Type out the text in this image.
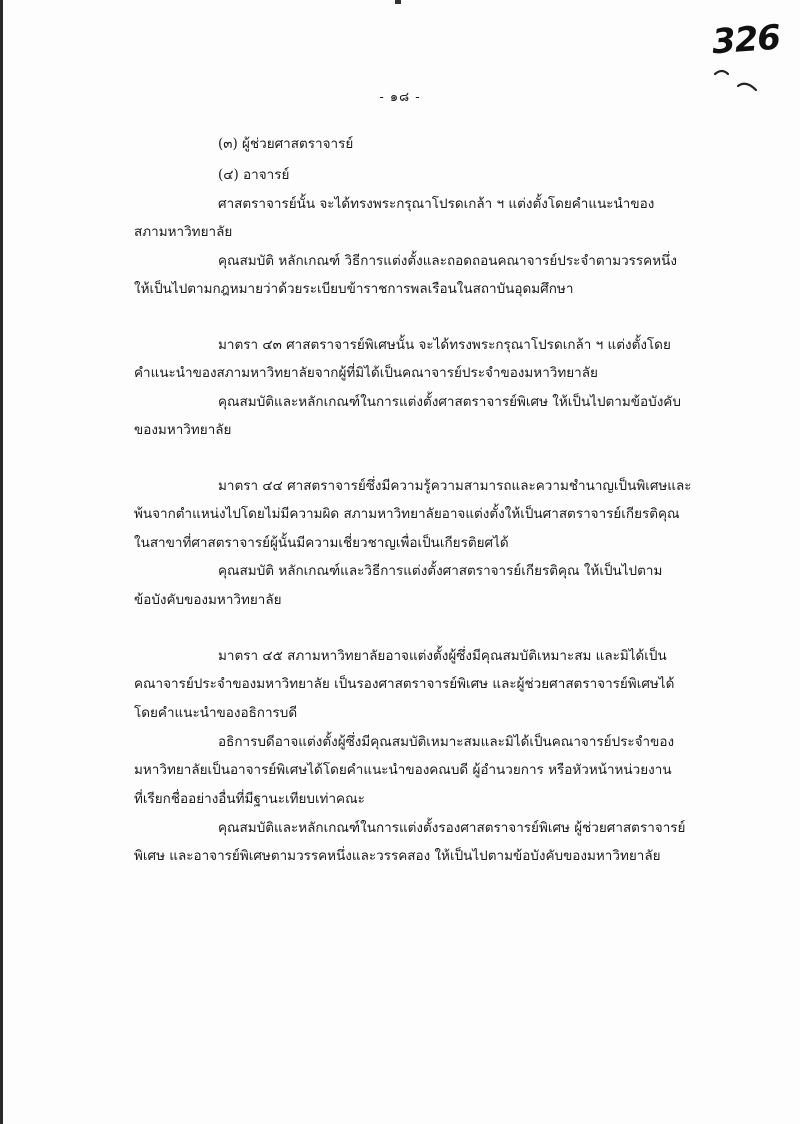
326
- ๑๘ -
(๓) ผู้ช่วยศาสตราจารย์
(๔) อาจารย์
ศาสตราจารย์นั้น จะได้ทรงพระกรุณาโปรดเกล้า ฯ แต่งตั้งโดยคำแนะนำของ
สภามหาวิทยาลัย
คุณสมบัติ หลักเกณฑ์ วิธีการแต่งตั้งและถอดถอนคณาจารย์ประจำตามวรรคหนึ่ง
ให้เป็นไปตามกฎหมายว่าด้วยระเบียบข้าราชการพลเรือนในสถาบันอุดมศึกษา
มาตรา ๔๓ ศาสตราจารย์พิเศษนั้น จะได้ทรงพระกรุณาโปรดเกล้า ฯ แต่งตั้งโดย
คำแนะนำของสภามหาวิทยาลัยจากผู้ที่มิได้เป็นคณาจารย์ประจำของมหาวิทยาลัย
คุณสมบัติและหลักเกณฑ์ในการแต่งตั้งศาสตราจารย์พิเศษ ให้เป็นไปตามข้อบังคับ
ของมหาวิทยาลัย
มาตรา ๔๔ ศาสตราจารย์ซึ่งมีความรู้ความสามารถและความชำนาญเป็นพิเศษและ
พ้นจากตำแหน่งไปโดยไม่มีความผิด สภามหาวิทยาลัยอาจแต่งตั้งให้เป็นศาสตราจารย์เกียรติคุณ
ในสาขาที่ศาสตราจารย์ผู้นั้นมีความเชี่ยวชาญเพื่อเป็นเกียรติยศได้
คุณสมบัติ หลักเกณฑ์และวิธีการแต่งตั้งศาสตราจารย์เกียรติคุณ ให้เป็นไปตาม
ข้อบังคับของมหาวิทยาลัย
มาตรา ๔๕ สภามหาวิทยาลัยอาจแต่งตั้งผู้ซึ่งมีคุณสมบัติเหมาะสม และมิได้เป็น
คณาจารย์ประจำของมหาวิทยาลัย เป็นรองศาสตราจารย์พิเศษ และผู้ช่วยศาสตราจารย์พิเศษได้
โดยคำแนะนำของอธิการบดี
อธิการบดีอาจแต่งตั้งผู้ซึ่งมีคุณสมบัติเหมาะสมและมิได้เป็นคณาจารย์ประจำของ
มหาวิทยาลัยเป็นอาจารย์พิเศษได้โดยคำแนะนำของคณบดี ผู้อำนวยการ หรือหัวหน้าหน่วยงาน
ที่เรียกชื่ออย่างอื่นที่มีฐานะเทียบเท่าคณะ
คุณสมบัติและหลักเกณฑ์ในการแต่งตั้งรองศาสตราจารย์พิเศษ ผู้ช่วยศาสตราจารย์
พิเศษ และอาจารย์พิเศษตามวรรคหนึ่งและวรรคสอง ให้เป็นไปตามข้อบังคับของมหาวิทยาลัย
